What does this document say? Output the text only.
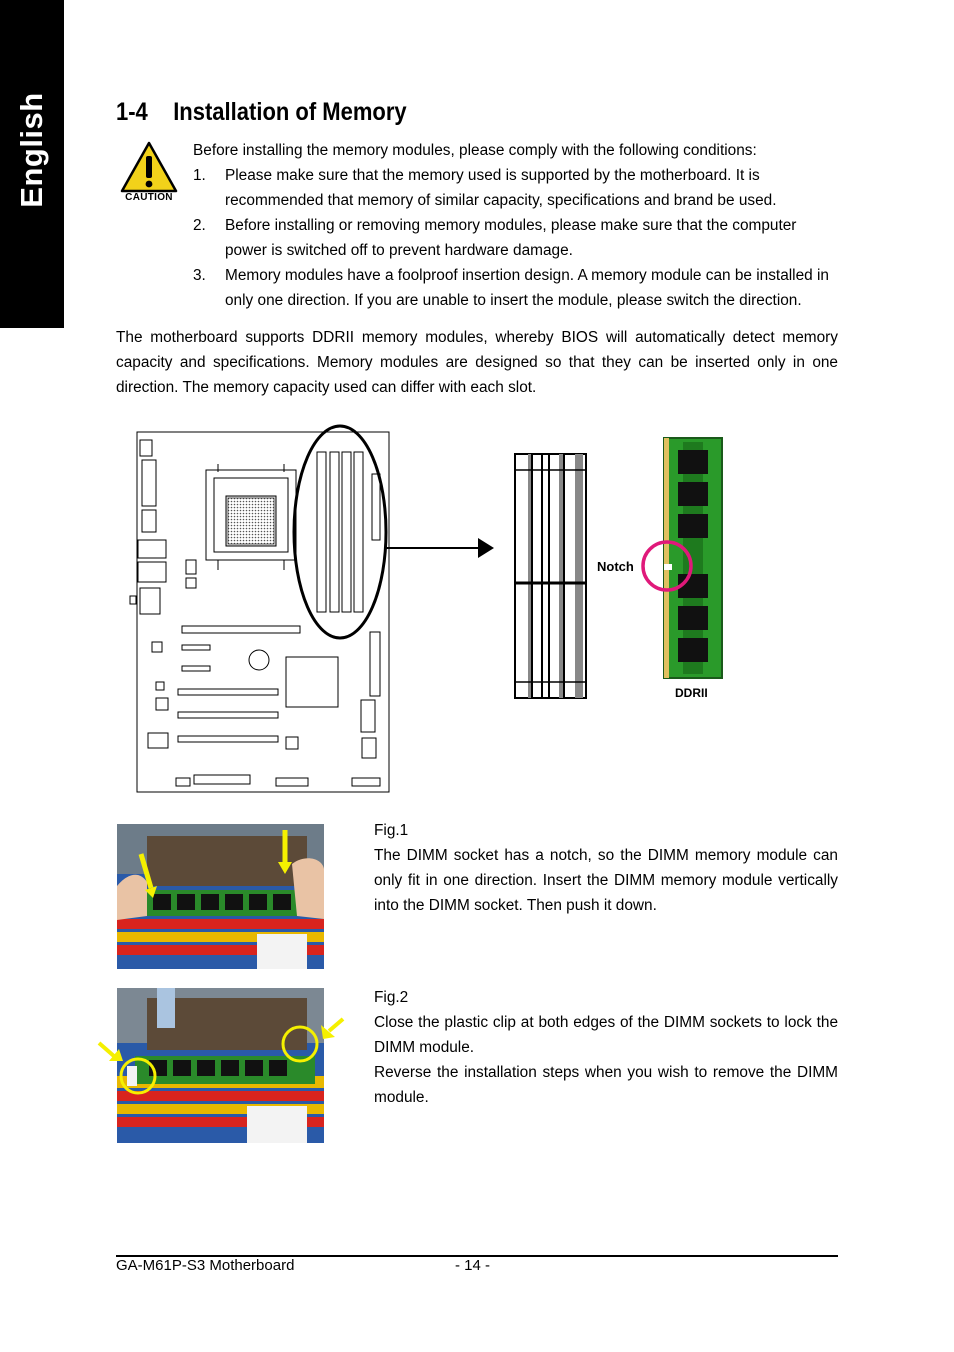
English	1-4 Installation of Memory
CAUTION
Before installing the memory modules, please comply with the following conditions:
1. Please make sure that the memory used is supported by the motherboard. It is recommended that memory of similar capacity, specifications and brand be used.
2. Before installing or removing memory modules, please make sure that the computer power is switched off to prevent hardware damage.
3. Memory modules have a foolproof insertion design. A memory module can be installed in only one direction. If you are unable to insert the module, please switch the direction.
The motherboard supports DDRII memory modules, whereby BIOS will automatically detect memory capacity and specifications. Memory modules are designed so that they can be inserted only in one direction. The memory capacity used can differ with each slot.
Notch
DDRII

Fig.1

The DIMM socket has a notch, so the DIMM memory module can only fit in one direction. Insert the DIMM memory module vertically into the DIMM socket. Then push it down.

Fig.2

Close the plastic clip at both edges of the DIMM sockets to lock the DIMM module.

Reverse the installation steps when you wish to remove the DIMM module.

GA-M61P-S3 Motherboard	- 14 -
